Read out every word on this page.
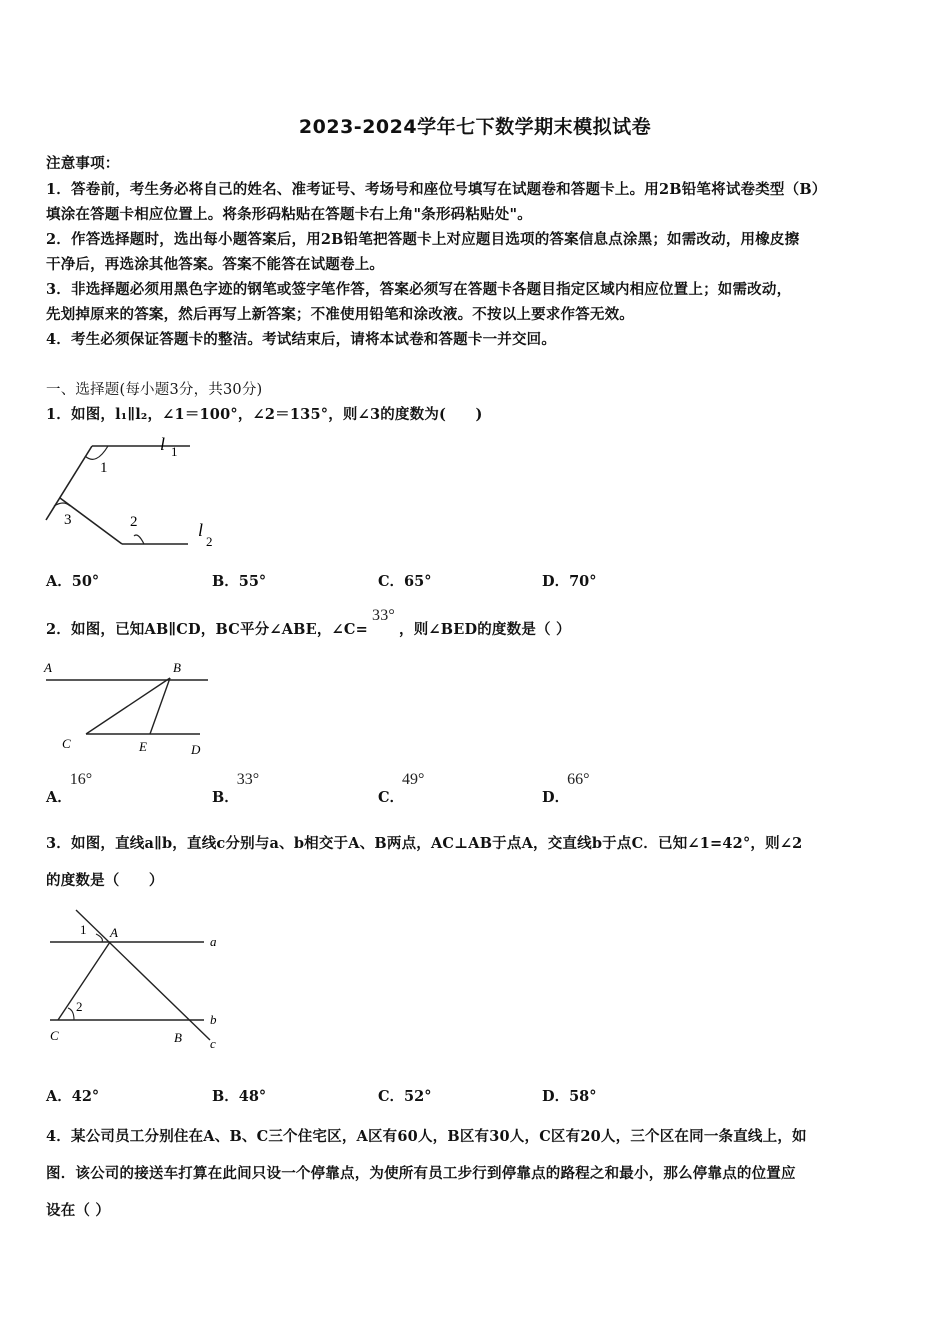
2023-2024学年七下数学期末模拟试卷
注意事项：
1．答卷前，考生务必将自己的姓名、准考证号、考场号和座位号填写在试题卷和答题卡上。用2B铅笔将试卷类型（B）
填涂在答题卡相应位置上。将条形码粘贴在答题卡右上角"条形码粘贴处"。
2．作答选择题时，选出每小题答案后，用2B铅笔把答题卡上对应题目选项的答案信息点涂黑；如需改动，用橡皮擦
干净后，再选涂其他答案。答案不能答在试题卷上。
3．非选择题必须用黑色字迹的钢笔或签字笔作答，答案必须写在答题卡各题目指定区域内相应位置上；如需改动，
先划掉原来的答案，然后再写上新答案；不准使用铅笔和涂改液。不按以上要求作答无效。
4．考生必须保证答题卡的整洁。考试结束后，请将本试卷和答题卡一并交回。
一、选择题(每小题3分，共30分)
1．如图，l₁∥l₂，∠1＝100°，∠2＝135°，则∠3的度数为(　　)
l 1
1
3	2	l
2
A．50°	B．55°	C．65°	D．70°
2．如图，已知AB∥CD，BC平分∠ABE，∠C=33°，则∠BED的度数是（ ）
A	B
C	E	D
A．16°
B．33°
C．49°
D．66°
3．如图，直线a∥b，直线c分别与a、b相交于A、B两点，AC⊥AB于点A，交直线b于点C．已知∠1=42°，则∠2
的度数是（　　）
1 A
a
2
C	B
b
c
A．42°	B．48°	C．52°	D．58°
4．某公司员工分别住在A、B、C三个住宅区，A区有60人，B区有30人，C区有20人，三个区在同一条直线上，如
图．该公司的接送车打算在此间只设一个停靠点，为使所有员工步行到停靠点的路程之和最小，那么停靠点的位置应
设在（ ）
